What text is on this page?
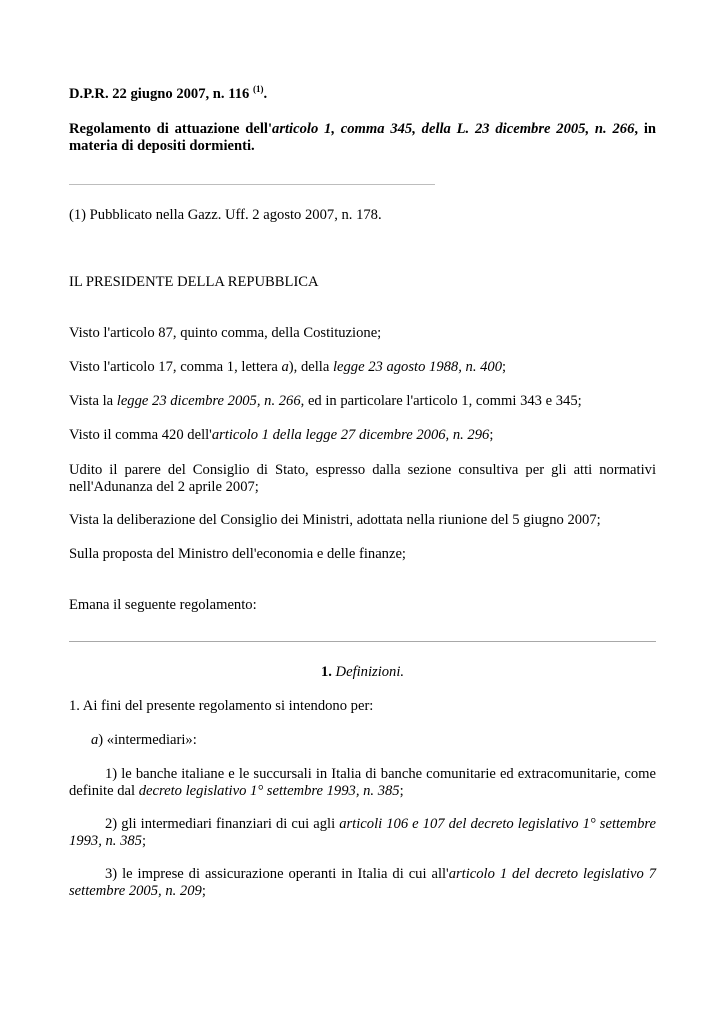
D.P.R. 22 giugno 2007, n. 116 $^{(1)}$.

Regolamento di attuazione dell'articolo 1, comma 345, della L. 23 dicembre 2005, n. 266, in materia di depositi dormienti.

(1) Pubblicato nella Gazz. Uff. 2 agosto 2007, n. 178.

IL PRESIDENTE DELLA REPUBBLICA

Visto l'articolo 87, quinto comma, della Costituzione;

Visto l'articolo 17, comma 1, lettera a), della legge 23 agosto 1988, n. 400;

Vista la legge 23 dicembre 2005, n. 266, ed in particolare l'articolo 1, commi 343 e 345;

Visto il comma 420 dell'articolo 1 della legge 27 dicembre 2006, n. 296;

Udito il parere del Consiglio di Stato, espresso dalla sezione consultiva per gli atti normativi nell'Adunanza del 2 aprile 2007;

Vista la deliberazione del Consiglio dei Ministri, adottata nella riunione del 5 giugno 2007;

Sulla proposta del Ministro dell'economia e delle finanze;

Emana il seguente regolamento:

1. Definizioni.

1. Ai fini del presente regolamento si intendono per:

a) «intermediari»:

1) le banche italiane e le succursali in Italia di banche comunitarie ed extracomunitarie, come definite dal decreto legislativo 1° settembre 1993, n. 385;

2) gli intermediari finanziari di cui agli articoli 106 e 107 del decreto legislativo 1° settembre 1993, n. 385;

3) le imprese di assicurazione operanti in Italia di cui all'articolo 1 del decreto legislativo 7 settembre 2005, n. 209;
